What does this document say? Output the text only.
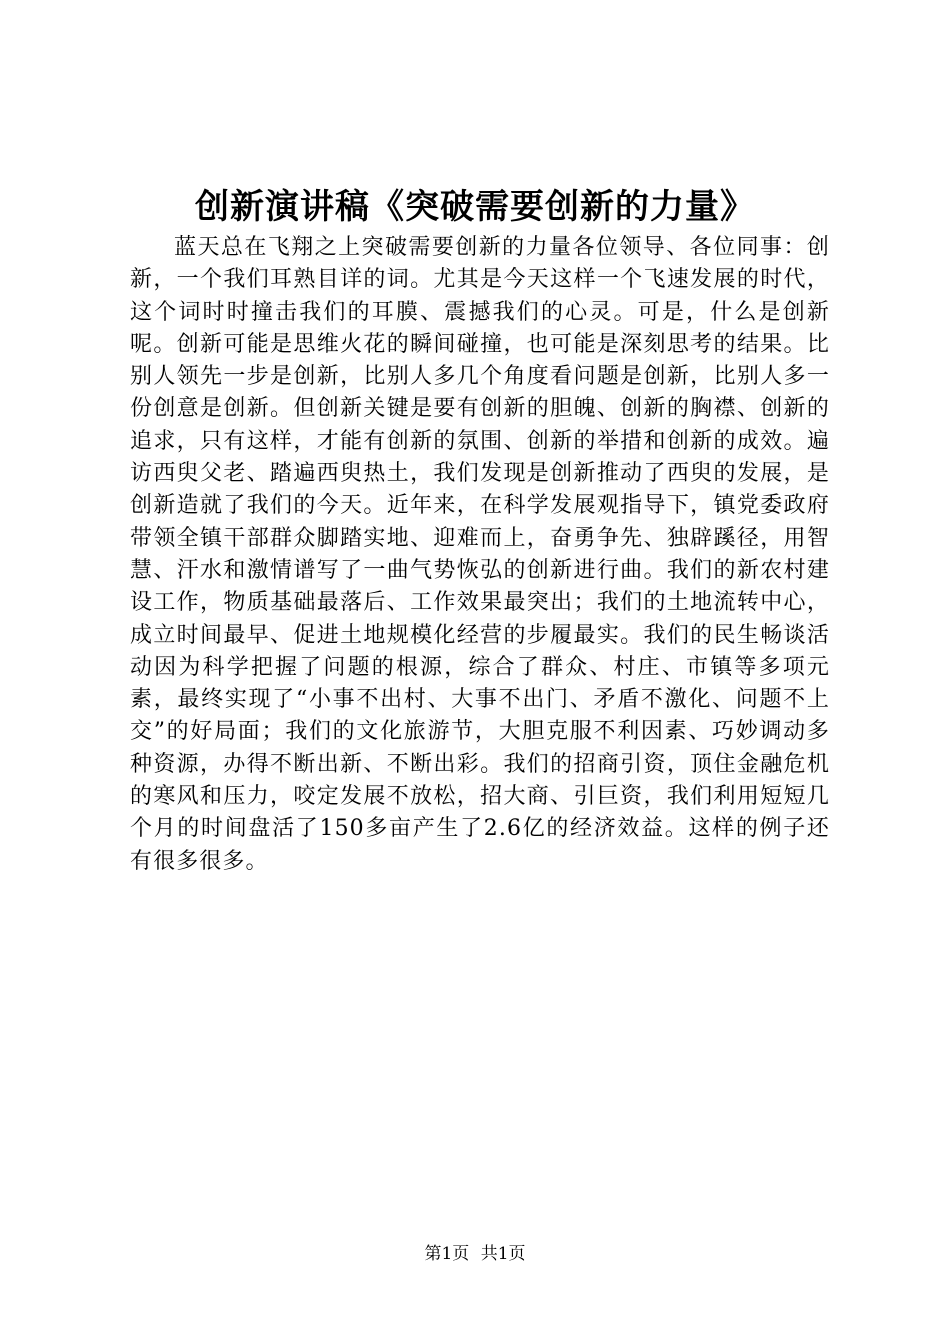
创新演讲稿《突破需要创新的力量》

蓝天总在飞翔之上突破需要创新的力量各位领导、各位同事：创新，一个我们耳熟目详的词。尤其是今天这样一个飞速发展的时代，这个词时时撞击我们的耳膜、震撼我们的心灵。可是，什么是创新呢。创新可能是思维火花的瞬间碰撞，也可能是深刻思考的结果。比别人领先一步是创新，比别人多几个角度看问题是创新，比别人多一份创意是创新。但创新关键是要有创新的胆魄、创新的胸襟、创新的追求，只有这样，才能有创新的氛围、创新的举措和创新的成效。遍访西臾父老、踏遍西臾热土，我们发现是创新推动了西臾的发展，是创新造就了我们的今天。近年来，在科学发展观指导下，镇党委政府带领全镇干部群众脚踏实地、迎难而上，奋勇争先、独辟蹊径，用智慧、汗水和激情谱写了一曲气势恢弘的创新进行曲。我们的新农村建设工作，物质基础最落后、工作效果最突出；我们的土地流转中心，成立时间最早、促进土地规模化经营的步履最实。我们的民生畅谈活动因为科学把握了问题的根源，综合了群众、村庄、市镇等多项元素，最终实现了“小事不出村、大事不出门、矛盾不激化、问题不上交”的好局面；我们的文化旅游节，大胆克服不利因素、巧妙调动多种资源，办得不断出新、不断出彩。我们的招商引资，顶住金融危机的寒风和压力，咬定发展不放松，招大商、引巨资，我们利用短短几个月的时间盘活了150多亩产生了2.6亿的经济效益。这样的例子还有很多很多。

第1页 共1页
